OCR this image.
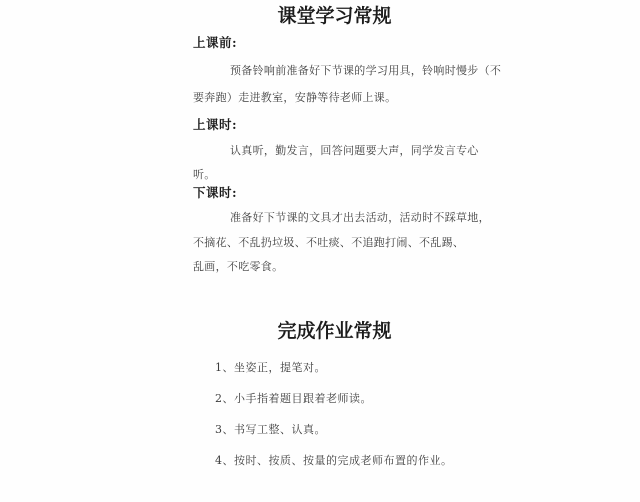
课堂学习常规
上课前:
预备铃响前准备好下节课的学习用具，铃响时慢步（不
要奔跑）走进教室，安静等待老师上课。
上课时:
认真听，勤发言，回答问题要大声，同学发言专心
听。
下课时:
准备好下节课的文具才出去活动，活动时不踩草地，
不摘花、不乱扔垃圾、不吐痰、不追跑打闹、不乱踢、
乱画，不吃零食。
完成作业常规
1、坐姿正，提笔对。
2、小手指着题目跟着老师读。
3、书写工整、认真。
4、按时、按质、按量的完成老师布置的作业。
